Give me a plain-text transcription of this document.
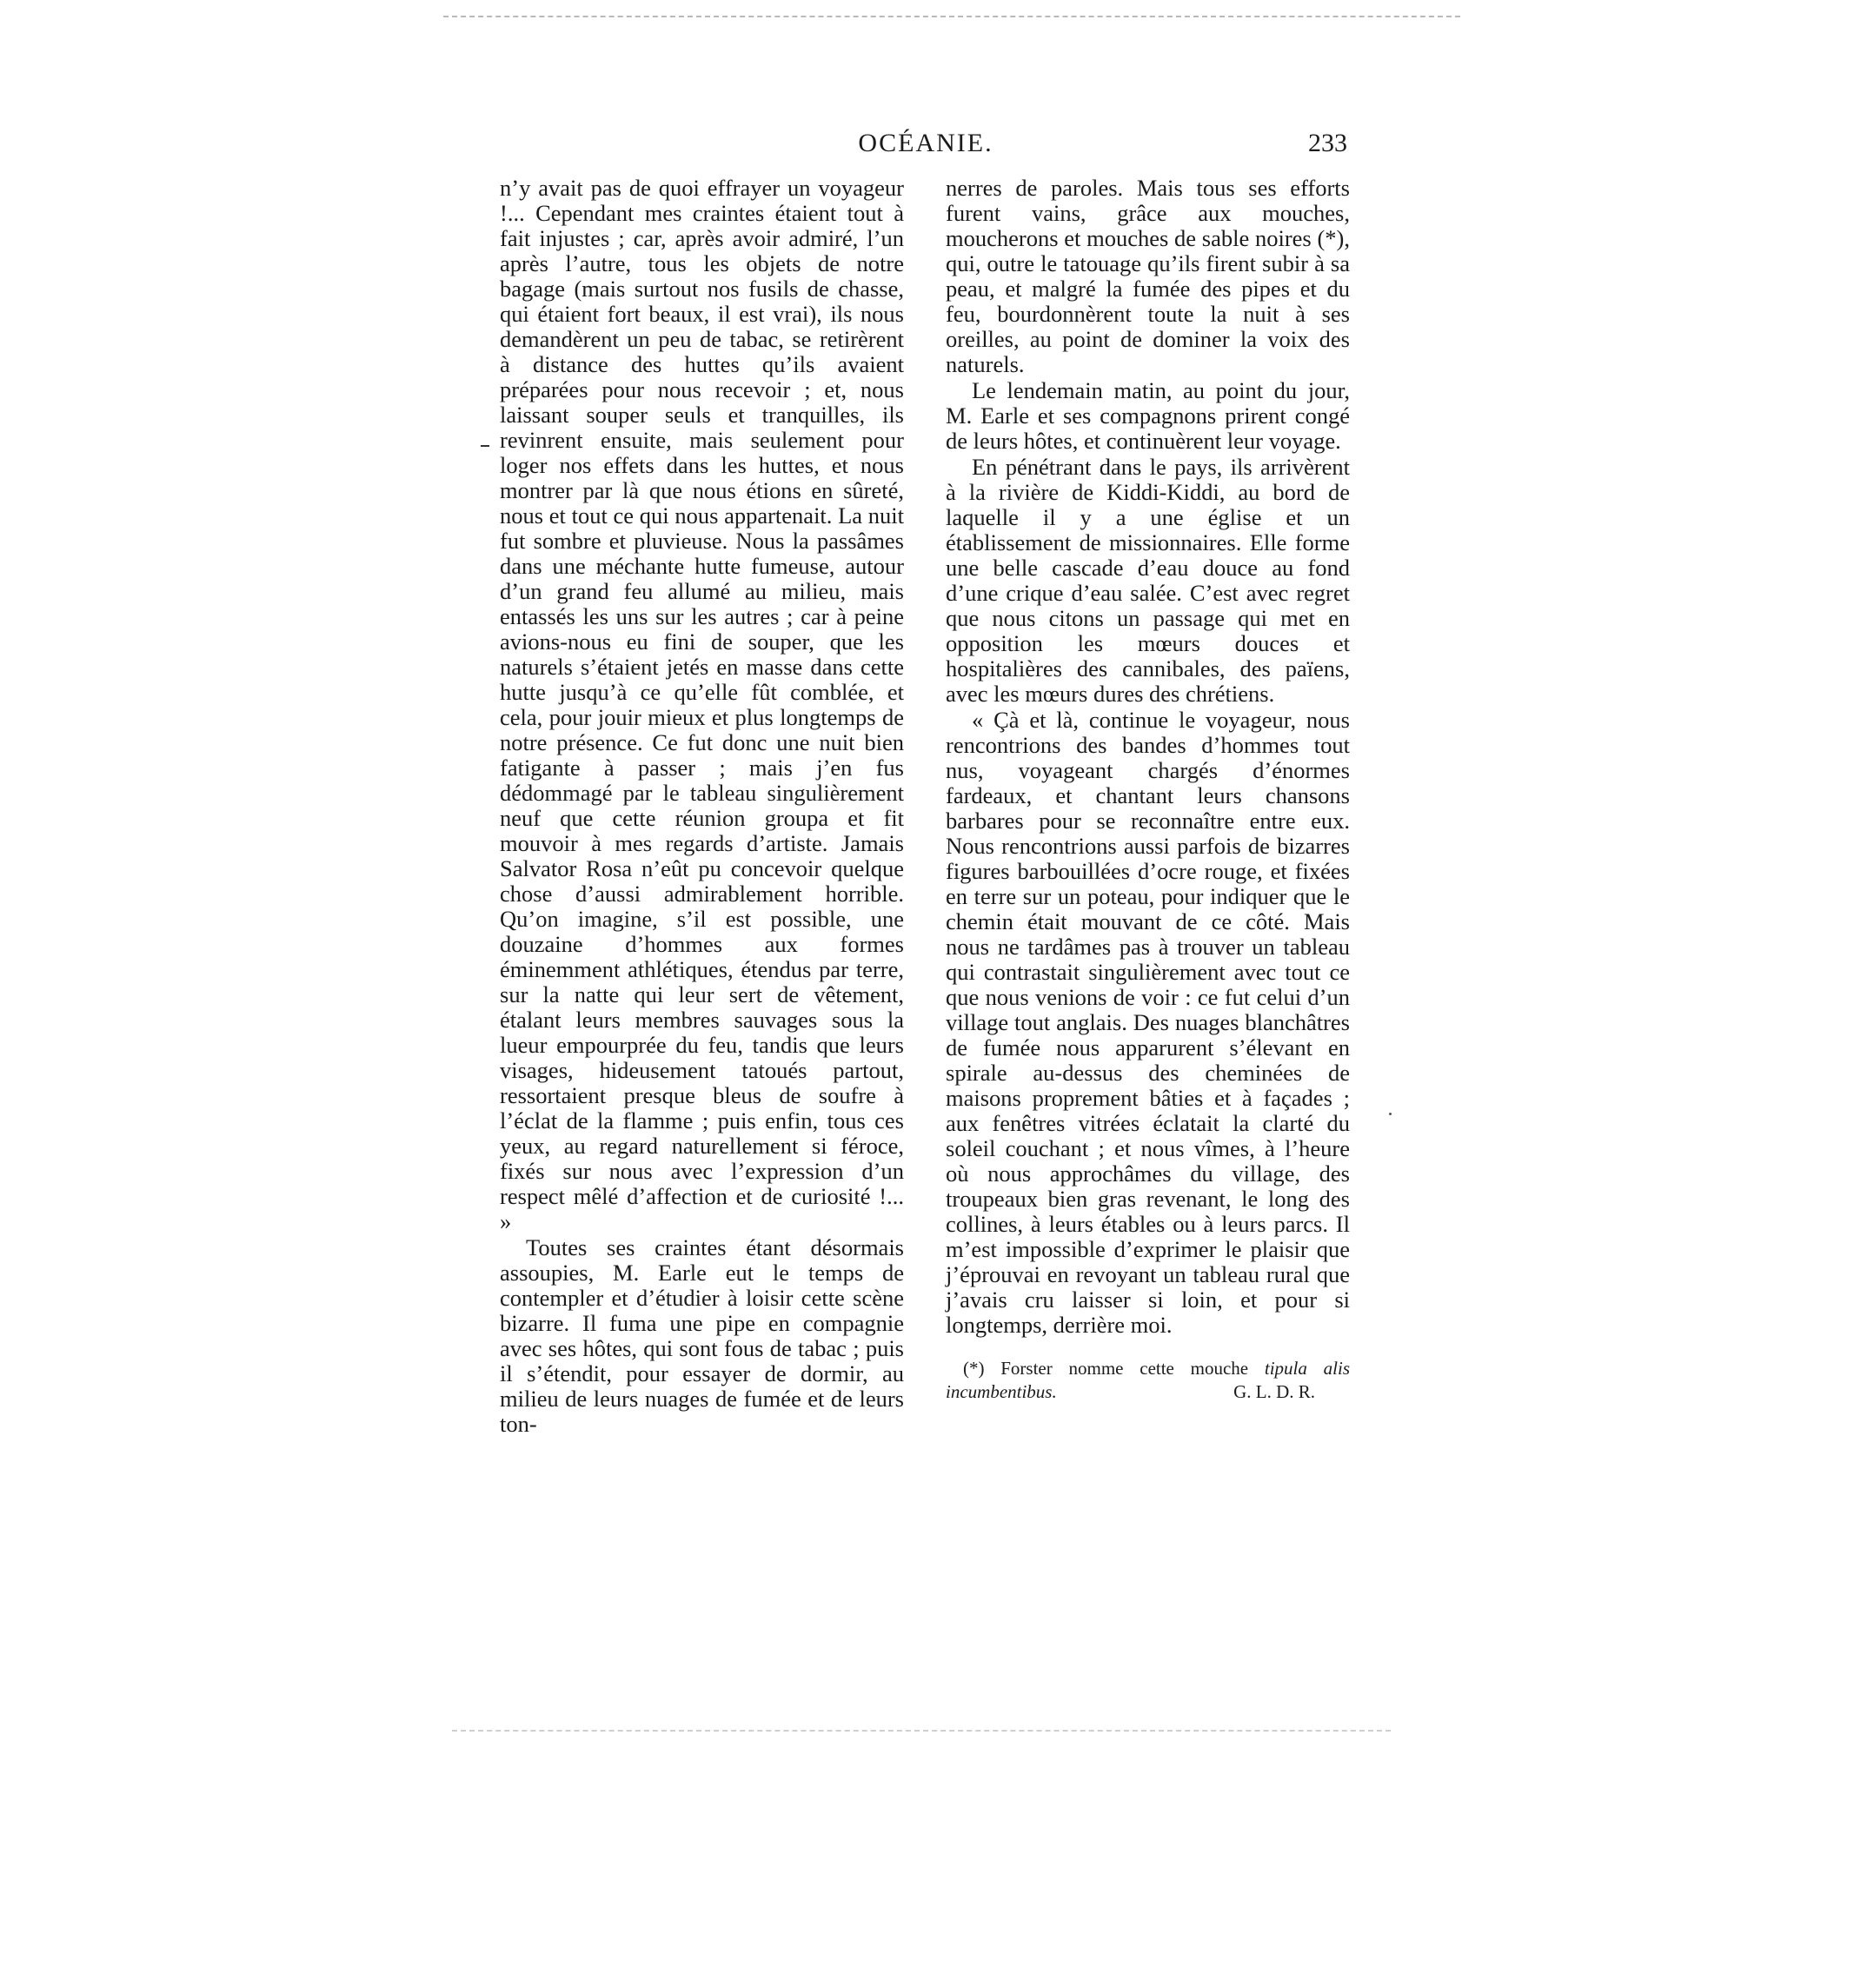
OCÉANIE.	233

n’y avait pas de quoi effrayer un voyageur !... Cependant mes craintes étaient tout à fait injustes ; car, après avoir admiré, l’un après l’autre, tous les objets de notre bagage (mais surtout nos fusils de chasse, qui étaient fort beaux, il est vrai), ils nous demandèrent un peu de tabac, se retirèrent à distance des huttes qu’ils avaient préparées pour nous recevoir ; et, nous laissant souper seuls et tranquilles, ils revinrent ensuite, mais seulement pour loger nos effets dans les huttes, et nous montrer par là que nous étions en sûreté, nous et tout ce qui nous appartenait. La nuit fut sombre et pluvieuse. Nous la passâmes dans une méchante hutte fumeuse, autour d’un grand feu allumé au milieu, mais entassés les uns sur les autres ; car à peine avions-nous eu fini de souper, que les naturels s’étaient jetés en masse dans cette hutte jusqu’à ce qu’elle fût comblée, et cela, pour jouir mieux et plus longtemps de notre présence. Ce fut donc une nuit bien fatigante à passer ; mais j’en fus dédommagé par le tableau singulièrement neuf que cette réunion groupa et fit mouvoir à mes regards d’artiste. Jamais Salvator Rosa n’eût pu concevoir quelque chose d’aussi admirablement horrible. Qu’on imagine, s’il est possible, une douzaine d’hommes aux formes éminemment athlétiques, étendus par terre, sur la natte qui leur sert de vêtement, étalant leurs membres sauvages sous la lueur empourprée du feu, tandis que leurs visages, hideusement tatoués partout, ressortaient presque bleus de soufre à l’éclat de la flamme ; puis enfin, tous ces yeux, au regard naturellement si féroce, fixés sur nous avec l’expression d’un respect mêlé d’affection et de curiosité !... »

Toutes ses craintes étant désormais assoupies, M. Earle eut le temps de contempler et d’étudier à loisir cette scène bizarre. Il fuma une pipe en compagnie avec ses hôtes, qui sont fous de tabac ; puis il s’étendit, pour essayer de dormir, au milieu de leurs nuages de fumée et de leurs ton-

nerres de paroles. Mais tous ses efforts furent vains, grâce aux mouches, moucherons et mouches de sable noires (*), qui, outre le tatouage qu’ils firent subir à sa peau, et malgré la fumée des pipes et du feu, bourdonnèrent toute la nuit à ses oreilles, au point de dominer la voix des naturels.

Le lendemain matin, au point du jour, M. Earle et ses compagnons prirent congé de leurs hôtes, et continuèrent leur voyage.

En pénétrant dans le pays, ils arrivèrent à la rivière de Kiddi-Kiddi, au bord de laquelle il y a une église et un établissement de missionnaires. Elle forme une belle cascade d’eau douce au fond d’une crique d’eau salée. C’est avec regret que nous citons un passage qui met en opposition les mœurs douces et hospitalières des cannibales, des païens, avec les mœurs dures des chrétiens.

« Çà et là, continue le voyageur, nous rencontrions des bandes d’hommes tout nus, voyageant chargés d’énormes fardeaux, et chantant leurs chansons barbares pour se reconnaître entre eux. Nous rencontrions aussi parfois de bizarres figures barbouillées d’ocre rouge, et fixées en terre sur un poteau, pour indiquer que le chemin était mouvant de ce côté. Mais nous ne tardâmes pas à trouver un tableau qui contrastait singulièrement avec tout ce que nous venions de voir : ce fut celui d’un village tout anglais. Des nuages blanchâtres de fumée nous apparurent s’élevant en spirale au-dessus des cheminées de maisons proprement bâties et à façades ; aux fenêtres vitrées éclatait la clarté du soleil couchant ; et nous vîmes, à l’heure où nous approchâmes du village, des troupeaux bien gras revenant, le long des collines, à leurs étables ou à leurs parcs. Il m’est impossible d’exprimer le plaisir que j’éprouvai en revoyant un tableau rural que j’avais cru laisser si loin, et pour si longtemps, derrière moi.

(*) Forster nomme cette mouche tipula alis incumbentibus.	G. L. D. R.
